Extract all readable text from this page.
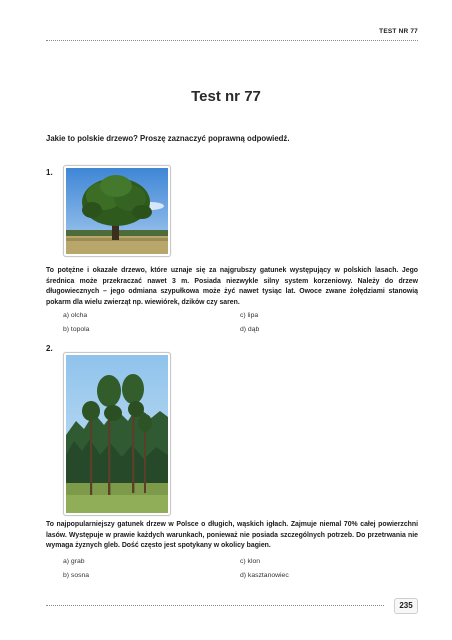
TEST NR 77
Test nr 77
Jakie to polskie drzewo? Proszę zaznaczyć poprawną odpowiedź.
1.
To potężne i okazałe drzewo, które uznaje się za najgrubszy gatunek występujący w polskich lasach. Jego średnica może przekraczać nawet 3 m. Posiada niezwykle silny system korzeniowy. Należy do drzew długowiecznych – jego odmiana szypułkowa może żyć nawet tysiąc lat. Owoce zwane żołędziami stanowią pokarm dla wielu zwierząt np. wiewiórek, dzików czy saren.
a) olcha
b) topola
c) lipa
d) dąb
2.
To najpopularniejszy gatunek drzew w Polsce o długich, wąskich igłach. Zajmuje niemal 70% całej powierzchni lasów. Występuje w prawie każdych warunkach, ponieważ nie posiada szczególnych potrzeb. Do przetrwania nie wymaga żyznych gleb. Dość często jest spotykany w okolicy bagien.
a) grab
b) sosna
c) klon
d) kasztanowiec
235
